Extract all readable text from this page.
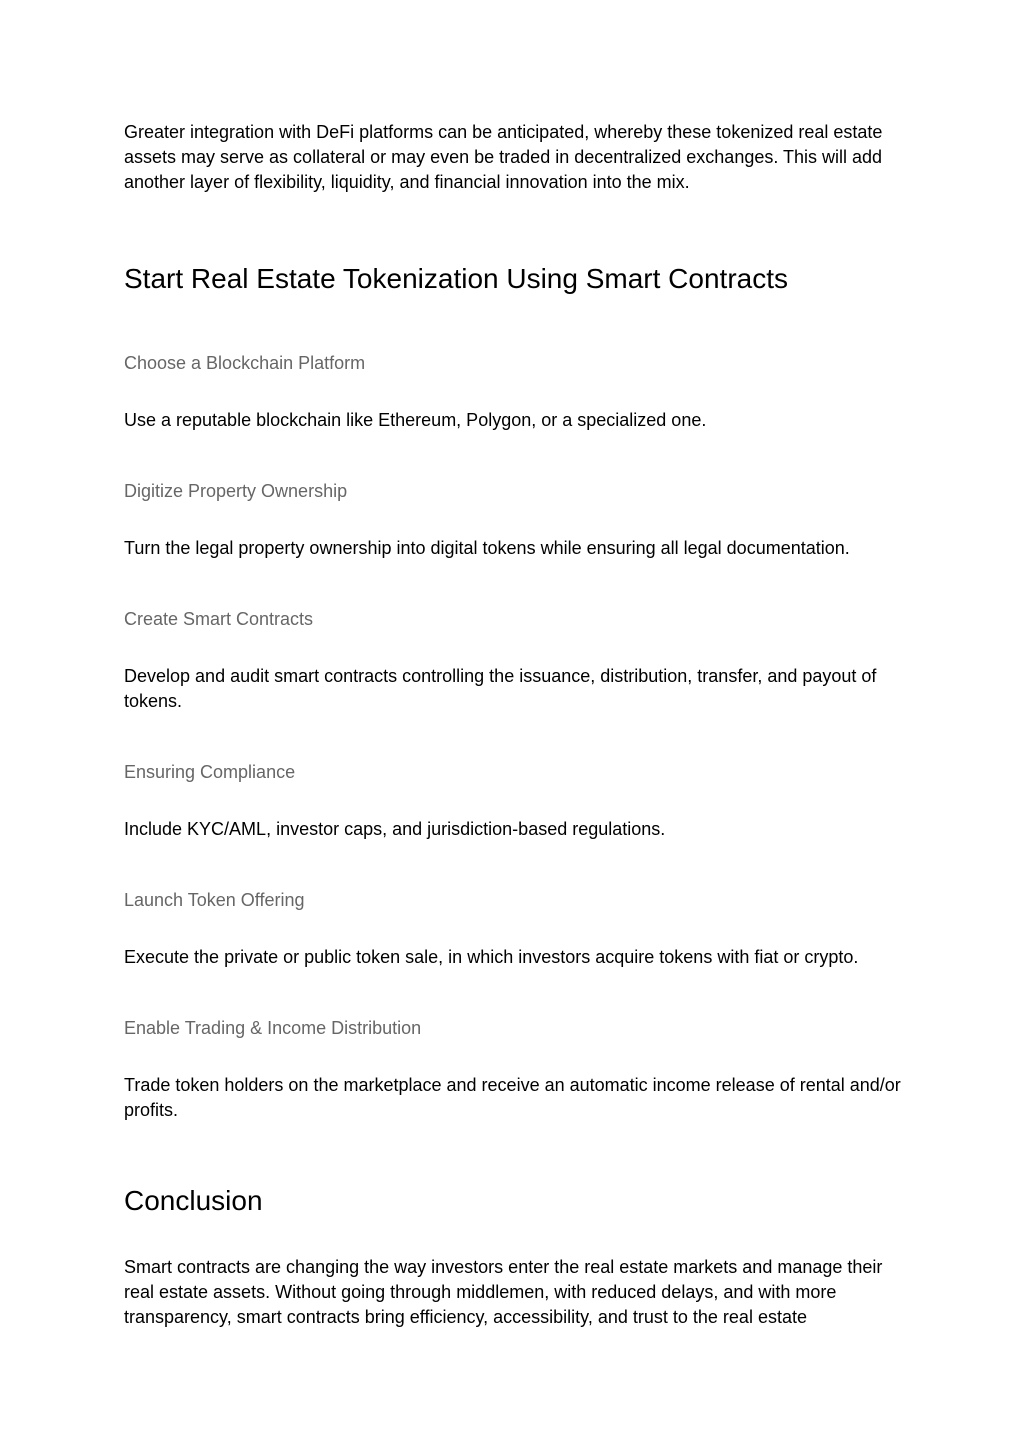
Greater integration with DeFi platforms can be anticipated, whereby these tokenized real estate assets may serve as collateral or may even be traded in decentralized exchanges. This will add another layer of flexibility, liquidity, and financial innovation into the mix.

Start Real Estate Tokenization Using Smart Contracts
Choose a Blockchain Platform

Use a reputable blockchain like Ethereum, Polygon, or a specialized one.

Digitize Property Ownership

Turn the legal property ownership into digital tokens while ensuring all legal documentation.

Create Smart Contracts

Develop and audit smart contracts controlling the issuance, distribution, transfer, and payout of tokens.

Ensuring Compliance

Include KYC/AML, investor caps, and jurisdiction-based regulations.

Launch Token Offering

Execute the private or public token sale, in which investors acquire tokens with fiat or crypto.

Enable Trading & Income Distribution

Trade token holders on the marketplace and receive an automatic income release of rental and/or profits.

Conclusion

Smart contracts are changing the way investors enter the real estate markets and manage their real estate assets. Without going through middlemen, with reduced delays, and with more transparency, smart contracts bring efficiency, accessibility, and trust to the real estate
